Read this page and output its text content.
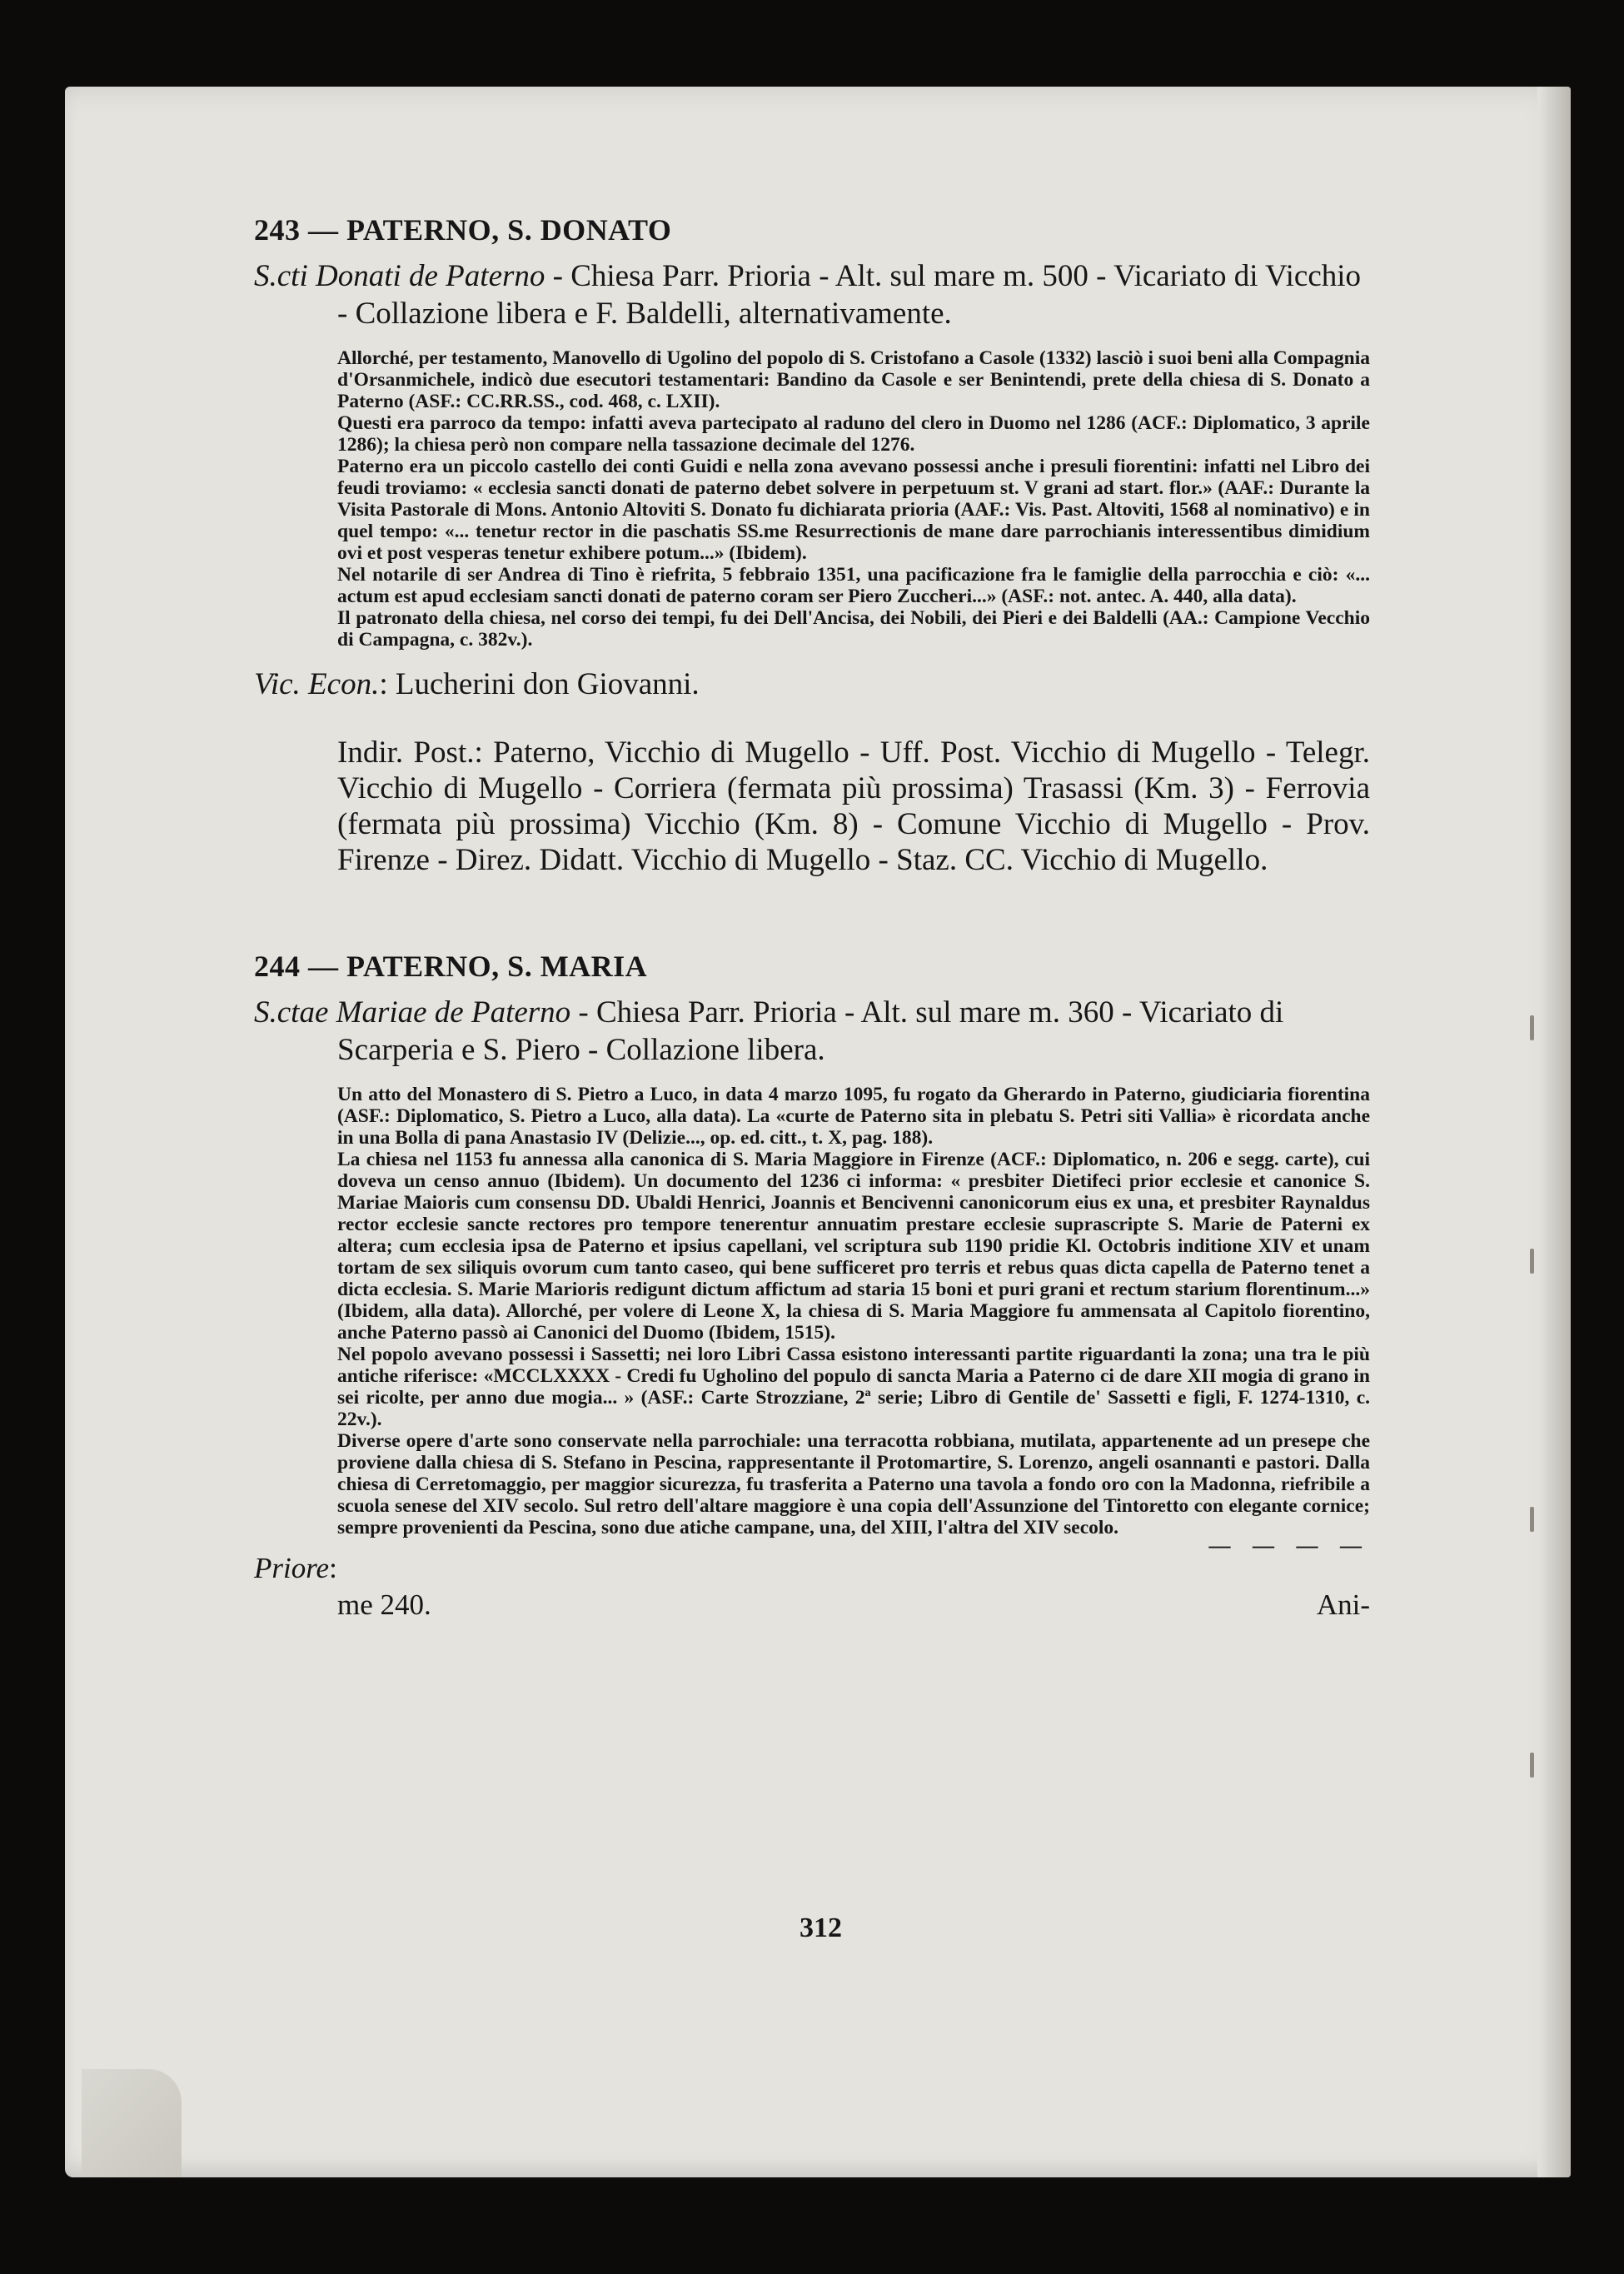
243 — PATERNO, S. DONATO

S.cti Donati de Paterno - Chiesa Parr. Prioria - Alt. sul mare m. 500 - Vicariato di Vicchio - Collazione libera e F. Baldelli, alternativamente.

Allorché, per testamento, Manovello di Ugolino del popolo di S. Cristofano a Casole (1332) lasciò i suoi beni alla Compagnia d'Orsanmichele, indicò due esecutori testamentari: Bandino da Casole e ser Benintendi, prete della chiesa di S. Donato a Paterno (ASF.: CC.RR.SS., cod. 468, c. LXII).

Questi era parroco da tempo: infatti aveva partecipato al raduno del clero in Duomo nel 1286 (ACF.: Diplomatico, 3 aprile 1286); la chiesa però non compare nella tassazione decimale del 1276.

Paterno era un piccolo castello dei conti Guidi e nella zona avevano possessi anche i presuli fiorentini: infatti nel Libro dei feudi troviamo: « ecclesia sancti donati de paterno debet solvere in perpetuum st. V grani ad start. flor.» (AAF.: Durante la Visita Pastorale di Mons. Antonio Altoviti S. Donato fu dichiarata prioria (AAF.: Vis. Past. Altoviti, 1568 al nominativo) e in quel tempo: «... tenetur rector in die paschatis SS.me Resurrectionis de mane dare parrochianis interessentibus dimidium ovi et post vesperas tenetur exhibere potum...» (Ibidem).

Nel notarile di ser Andrea di Tino è riefrita, 5 febbraio 1351, una pacificazione fra le famiglie della parrocchia e ciò: «... actum est apud ecclesiam sancti donati de paterno coram ser Piero Zuccheri...» (ASF.: not. antec. A. 440, alla data).

Il patronato della chiesa, nel corso dei tempi, fu dei Dell'Ancisa, dei Nobili, dei Pieri e dei Baldelli (AA.: Campione Vecchio di Campagna, c. 382v.).

Vic. Econ.: Lucherini don Giovanni.

Indir. Post.: Paterno, Vicchio di Mugello - Uff. Post. Vicchio di Mugello - Telegr. Vicchio di Mugello - Corriera (fermata più prossima) Trasassi (Km. 3) - Ferrovia (fermata più prossima) Vicchio (Km. 8) - Comune Vicchio di Mugello - Prov. Firenze - Direz. Didatt. Vicchio di Mugello - Staz. CC. Vicchio di Mugello.

244 — PATERNO, S. MARIA

S.ctae Mariae de Paterno - Chiesa Parr. Prioria - Alt. sul mare m. 360 - Vicariato di Scarperia e S. Piero - Collazione libera.

Un atto del Monastero di S. Pietro a Luco, in data 4 marzo 1095, fu rogato da Gherardo in Paterno, giudiciaria fiorentina (ASF.: Diplomatico, S. Pietro a Luco, alla data). La «curte de Paterno sita in plebatu S. Petri siti Vallia» è ricordata anche in una Bolla di pana Anastasio IV (Delizie..., op. ed. citt., t. X, pag. 188).

La chiesa nel 1153 fu annessa alla canonica di S. Maria Maggiore in Firenze (ACF.: Diplomatico, n. 206 e segg. carte), cui doveva un censo annuo (Ibidem). Un documento del 1236 ci informa: « presbiter Dietifeci prior ecclesie et canonice S. Mariae Maioris cum consensu DD. Ubaldi Henrici, Joannis et Bencivenni canonicorum eius ex una, et presbiter Raynaldus rector ecclesie sancte rectores pro tempore tenerentur annuatim prestare ecclesie suprascripte S. Marie de Paterni ex altera; cum ecclesia ipsa de Paterno et ipsius capellani, vel scriptura sub 1190 pridie Kl. Octobris inditione XIV et unam tortam de sex siliquis ovorum cum tanto caseo, qui bene sufficeret pro terris et rebus quas dicta capella de Paterno tenet a dicta ecclesia. S. Marie Marioris redigunt dictum affictum ad staria 15 boni et puri grani et rectum starium florentinum...» (Ibidem, alla data). Allorché, per volere di Leone X, la chiesa di S. Maria Maggiore fu ammensata al Capitolo fiorentino, anche Paterno passò ai Canonici del Duomo (Ibidem, 1515).

Nel popolo avevano possessi i Sassetti; nei loro Libri Cassa esistono interessanti partite riguardanti la zona; una tra le più antiche riferisce: «MCCLXXXX - Credi fu Ugholino del populo di sancta Maria a Paterno ci de dare XII mogia di grano in sei ricolte, per anno due mogia... » (ASF.: Carte Strozziane, 2ª serie; Libro di Gentile de' Sassetti e figli, F. 1274-1310, c. 22v.).

Diverse opere d'arte sono conservate nella parrochiale: una terracotta robbiana, mutilata, appartenente ad un presepe che proviene dalla chiesa di S. Stefano in Pescina, rappresentante il Protomartire, S. Lorenzo, angeli osannanti e pastori. Dalla chiesa di Cerretomaggio, per maggior sicurezza, fu trasferita a Paterno una tavola a fondo oro con la Madonna, riefribile a scuola senese del XIV secolo. Sul retro dell'altare maggiore è una copia dell'Assunzione del Tintoretto con elegante cornice; sempre provenienti da Pescina, sono due atiche campane, una, del XIII, l'altra del XIV secolo.

— — — —

Priore:

me 240.	Ani-
312
